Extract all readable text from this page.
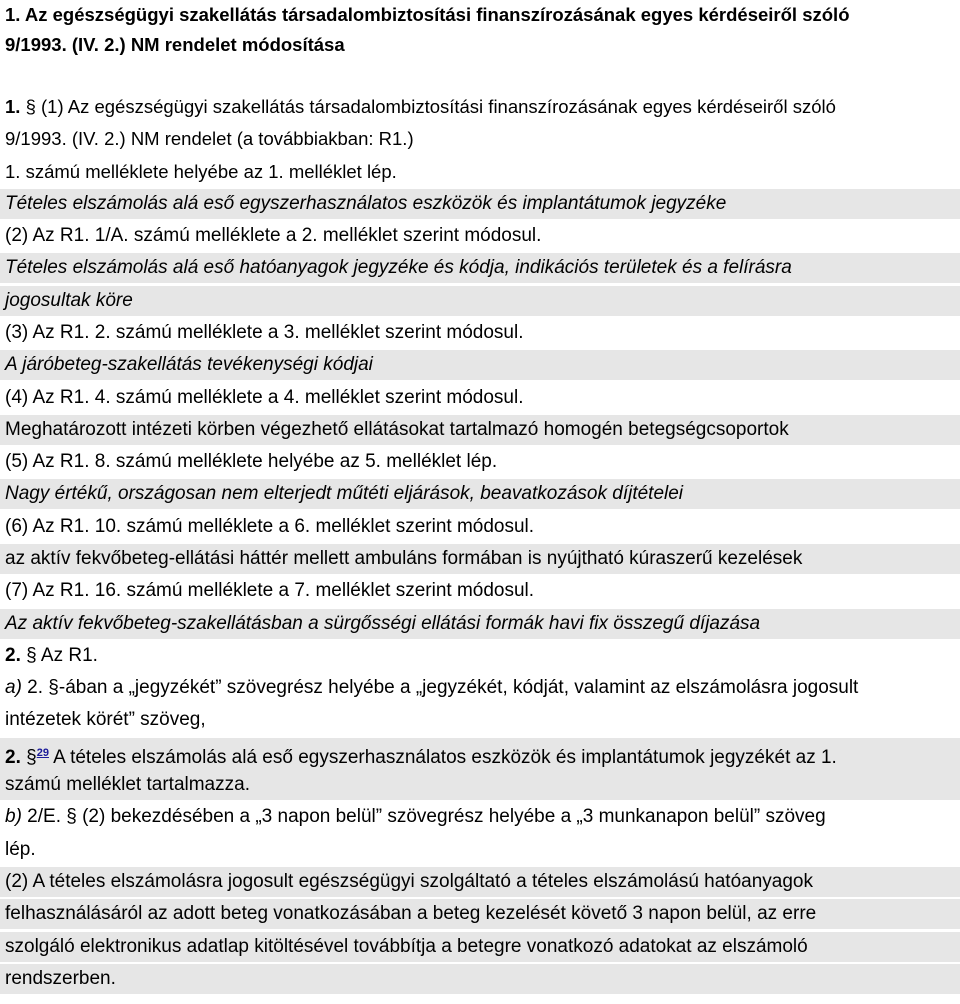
1. Az egészségügyi szakellátás társadalombiztosítási finanszírozásának egyes kérdéseiről szóló
9/1993. (IV. 2.) NM rendelet módosítása
1. § (1) Az egészségügyi szakellátás társadalombiztosítási finanszírozásának egyes kérdéseiről szóló
9/1993. (IV. 2.) NM rendelet (a továbbiakban: R1.)
1. számú melléklete helyébe az 1. melléklet lép.
Tételes elszámolás alá eső egyszerhasználatos eszközök és implantátumok jegyzéke
(2) Az R1. 1/A. számú melléklete a 2. melléklet szerint módosul.
Tételes elszámolás alá eső hatóanyagok jegyzéke és kódja, indikációs területek és a felírásra
jogosultak köre
(3) Az R1. 2. számú melléklete a 3. melléklet szerint módosul.
A járóbeteg-szakellátás tevékenységi kódjai
(4) Az R1. 4. számú melléklete a 4. melléklet szerint módosul.
Meghatározott intézeti körben végezhető ellátásokat tartalmazó homogén betegségcsoportok
(5) Az R1. 8. számú melléklete helyébe az 5. melléklet lép.
Nagy értékű, országosan nem elterjedt műtéti eljárások, beavatkozások díjtételei
(6) Az R1. 10. számú melléklete a 6. melléklet szerint módosul.
az aktív fekvőbeteg-ellátási háttér mellett ambuláns formában is nyújtható kúraszerű kezelések
(7) Az R1. 16. számú melléklete a 7. melléklet szerint módosul.
Az aktív fekvőbeteg-szakellátásban a sürgősségi ellátási formák havi fix összegű díjazása
2. § Az R1.
a) 2. §-ában a „jegyzékét” szövegrész helyébe a „jegyzékét, kódját, valamint az elszámolásra jogosult
intézetek körét” szöveg,
2. §$^{29}$ A tételes elszámolás alá eső egyszerhasználatos eszközök és implantátumok jegyzékét az 1.
számú melléklet tartalmazza.
b) 2/E. § (2) bekezdésében a „3 napon belül” szövegrész helyébe a „3 munkanapon belül” szöveg
lép.
(2) A tételes elszámolásra jogosult egészségügyi szolgáltató a tételes elszámolású hatóanyagok
felhasználásáról az adott beteg vonatkozásában a beteg kezelését követő 3 napon belül, az erre
szolgáló elektronikus adatlap kitöltésével továbbítja a betegre vonatkozó adatokat az elszámoló
rendszerben.
